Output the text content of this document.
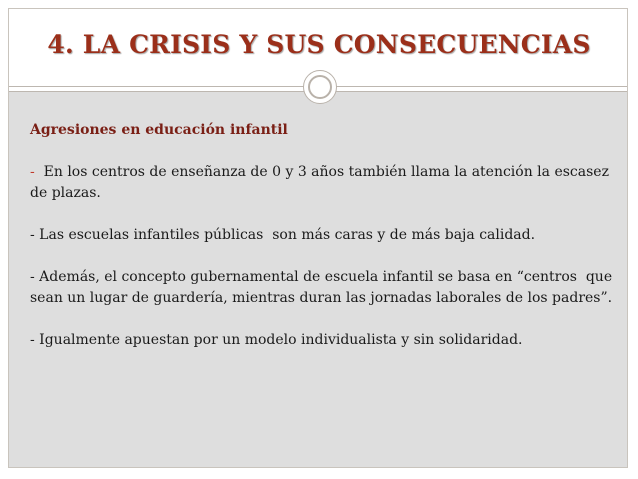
4. LA CRISIS Y SUS CONSECUENCIAS
Agresiones en educación infantil

-  En los centros de enseñanza de 0 y 3 años también llama la atención la escasez de plazas.

- Las escuelas infantiles públicas  son más caras y de más baja calidad.

- Además, el concepto gubernamental de escuela infantil se basa en “centros  que sean un lugar de guardería, mientras duran las jornadas laborales de los padres”.

- Igualmente apuestan por un modelo individualista y sin solidaridad.
